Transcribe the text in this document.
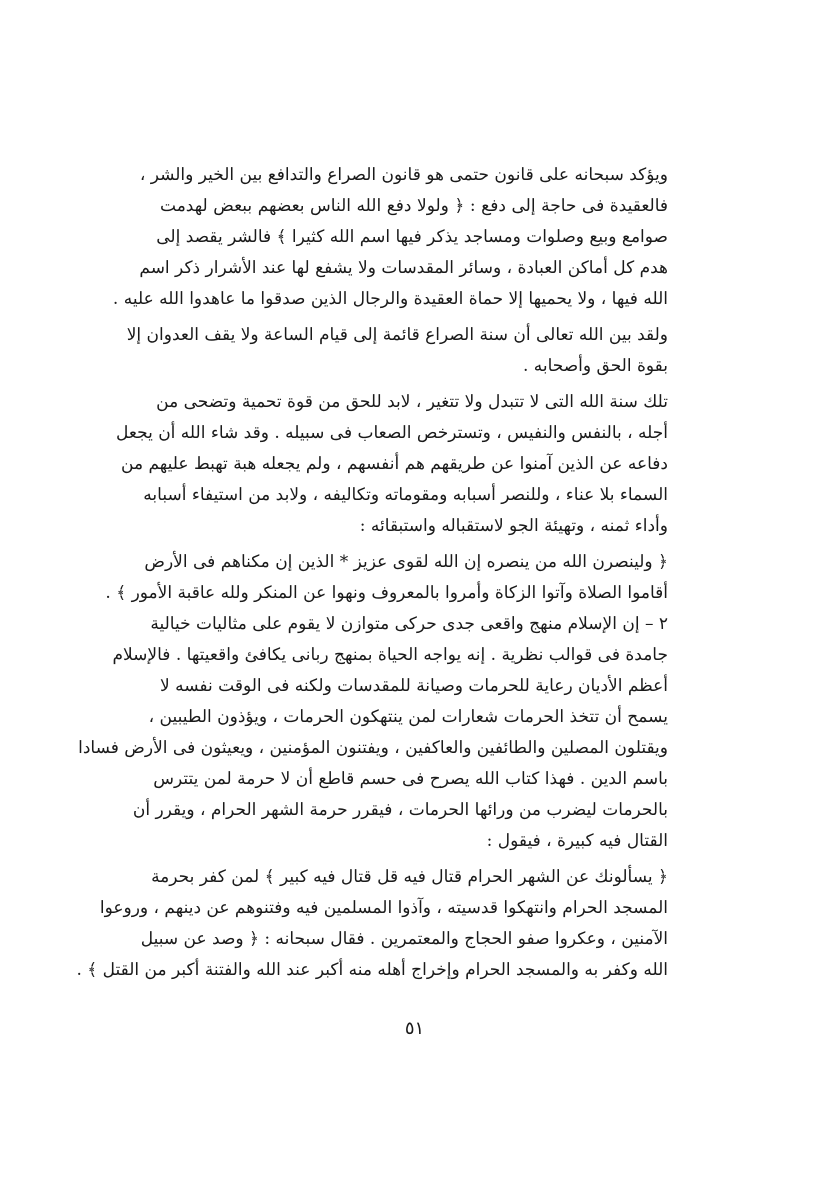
ويؤكد سبحانه على قانون حتمى هو قانون الصراع والتدافع بين الخير والشر ،
فالعقيدة فى حاجة إلى دفع : ﴿ ولولا دفع الله الناس بعضهم ببعض لهدمت
صوامع وبيع وصلوات ومساجد يذكر فيها اسم الله كثيرا ﴾ فالشر يقصد إلى
هدم كل أماكن العبادة ، وسائر المقدسات ولا يشفع لها عند الأشرار ذكر اسم
الله فيها ، ولا يحميها إلا حماة العقيدة والرجال الذين صدقوا ما عاهدوا الله عليه .

ولقد بين الله تعالى أن سنة الصراع قائمة إلى قيام الساعة ولا يقف العدوان إلا
بقوة الحق وأصحابه .

تلك سنة الله التى لا تتبدل ولا تتغير ، لابد للحق من قوة تحمية وتضحى من
أجله ، بالنفس والنفيس ، وتسترخص الصعاب فى سبيله . وقد شاء الله أن يجعل
دفاعه عن الذين آمنوا عن طريقهم هم أنفسهم ، ولم يجعله هبة تهبط عليهم من
السماء بلا عناء ، وللنصر أسبابه ومقوماته وتكاليفه ، ولابد من استيفاء أسبابه
وأداء ثمنه ، وتهيئة الجو لاستقباله واستبقائه :

﴿ ولينصرن الله من ينصره إن الله لقوى عزيز * الذين إن مكناهم فى الأرض
أقاموا الصلاة وآتوا الزكاة وأمروا بالمعروف ونهوا عن المنكر ولله عاقبة الأمور ﴾ .

٢ – إن الإسلام منهج واقعى جدى حركى متوازن لا يقوم على مثاليات خيالية
جامدة فى قوالب نظرية . إنه يواجه الحياة بمنهج ربانى يكافئ واقعيتها . فالإسلام
أعظم الأديان رعاية للحرمات وصيانة للمقدسات ولكنه فى الوقت نفسه لا
يسمح أن تتخذ الحرمات شعارات لمن ينتهكون الحرمات ، ويؤذون الطيبين ،
ويقتلون المصلين والطائفين والعاكفين ، ويفتنون المؤمنين ، ويعيثون فى الأرض فسادا
باسم الدين . فهذا كتاب الله يصرح فى حسم قاطع أن لا حرمة لمن يتترس
بالحرمات ليضرب من ورائها الحرمات ، فيقرر حرمة الشهر الحرام ، ويقرر أن
القتال فيه كبيرة ، فيقول :

﴿ يسألونك عن الشهر الحرام قتال فيه قل قتال فيه كبير ﴾ لمن كفر بحرمة
المسجد الحرام وانتهكوا قدسيته ، وآذوا المسلمين فيه وفتنوهم عن دينهم ، وروعوا
الآمنين ، وعكروا صفو الحجاج والمعتمرين . فقال سبحانه : ﴿ وصد عن سبيل
الله وكفر به والمسجد الحرام وإخراج أهله منه أكبر عند الله والفتنة أكبر من القتل ﴾ .

٥١
